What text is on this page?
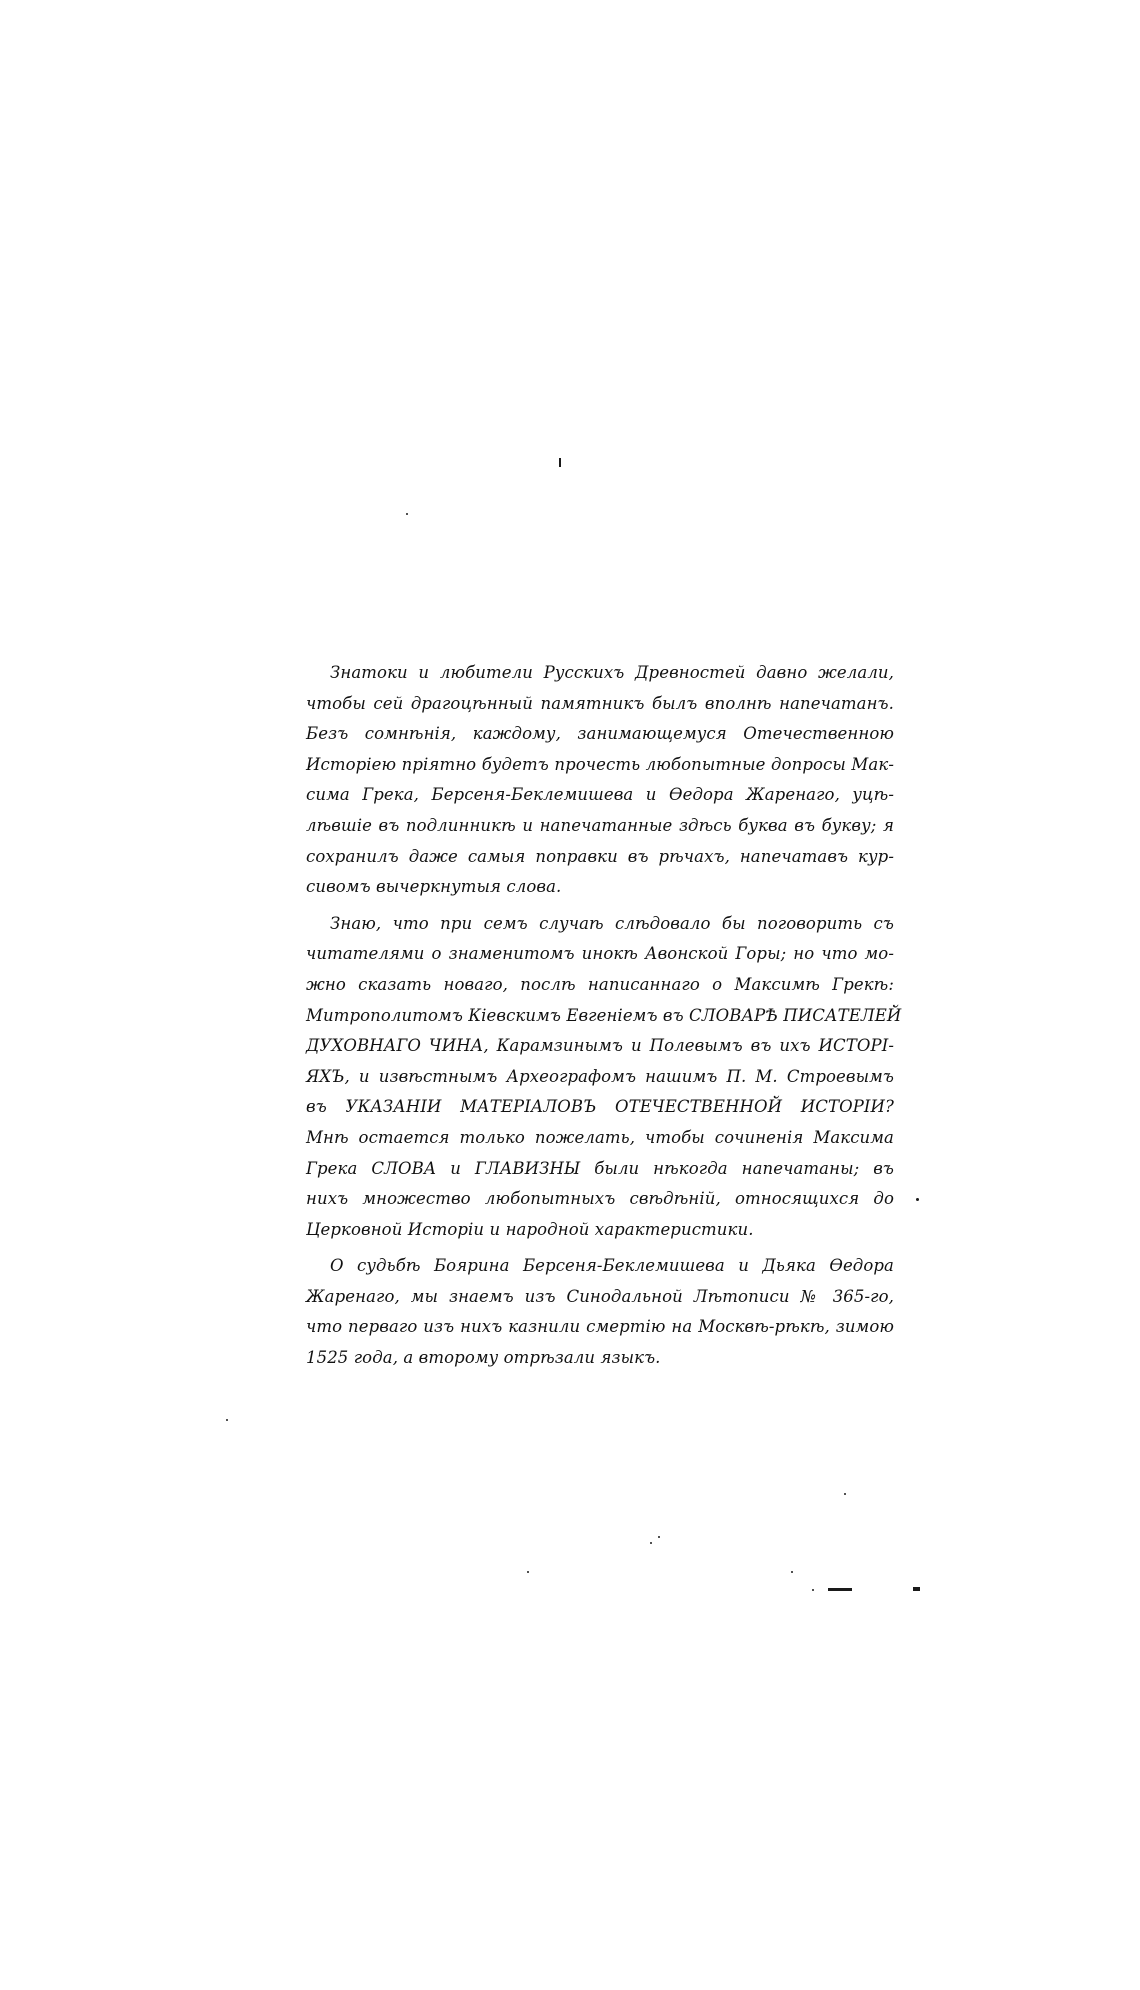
Знатоки и любители Русскихъ Древностей давно желали,
чтобы сей драгоцѣнный памятникъ былъ вполнѣ напечатанъ.
Безъ сомнѣнія, каждому, занимающемуся Отечественною
Исторіею пріятно будетъ прочесть любопытные допросы Мак-
сима Грека, Берсеня-Беклемишева и Ѳедора Жаренаго, уцѣ-
лѣвшіе въ подлинникѣ и напечатанные здѣсь буква въ букву; я
сохранилъ даже самыя поправки въ рѣчахъ, напечатавъ кур-
сивомъ вычеркнутыя слова.

Знаю, что при семъ случаѣ слѣдовало бы поговорить съ
читателями о знаменитомъ инокѣ Авонской Горы; но что мо-
жно сказать новаго, послѣ написаннаго о Максимѣ Грекѣ:
Митрополитомъ Кіевскимъ Евгеніемъ въ СЛОВАРѢ ПИСАТЕЛЕЙ
ДУХОВНАГО ЧИНА, Карамзинымъ и Полевымъ въ ихъ ИСТОРІ-
ЯХЪ, и извѣстнымъ Археографомъ нашимъ П. М. Строевымъ
въ УКАЗАНІИ МАТЕРІАЛОВЪ ОТЕЧЕСТВЕННОЙ ИСТОРІИ?
Мнѣ остается только пожелать, чтобы сочиненія Максима
Грека СЛОВА и ГЛАВИЗНЫ были нѣкогда напечатаны; въ
нихъ множество любопытныхъ свѣдѣній, относящихся до
Церковной Исторіи и народной характеристики.

О судьбѣ Боярина Берсеня-Беклемишева и Дьяка Ѳедора
Жаренаго, мы знаемъ изъ Синодальной Лѣтописи № 365-го,
что перваго изъ нихъ казнили смертію на Москвѣ-рѣкѣ, зимою
1525 года, а второму отрѣзали языкъ.
